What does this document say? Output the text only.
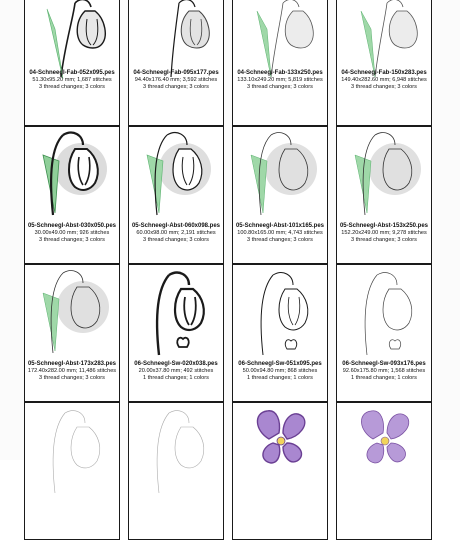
04-Schneegl-Fab-052x095.pes
51.30x95.20 mm; 1,687 stitches
3 thread changes; 3 colors
04-Schneegl-Fab-095x177.pes
94.40x176.40 mm; 3,592 stitches
3 thread changes; 3 colors
04-Schneegl-Fab-133x250.pes
133.10x249.20 mm; 5,819 stitches
3 thread changes; 3 colors
04-Schneegl-Fab-150x283.pes
149.40x282.60 mm; 6,948 stitches
3 thread changes; 3 colors
05-Schneegl-Abst-030x050.pes
30.00x49.00 mm; 926 stitches
3 thread changes; 3 colors
05-Schneegl-Abst-060x098.pes
60.00x98.00 mm; 2,191 stitches
3 thread changes; 3 colors
05-Schneegl-Abst-101x165.pes
100.80x165.00 mm; 4,743 stitches
3 thread changes; 3 colors
05-Schneegl-Abst-153x250.pes
152.20x249.00 mm; 9,278 stitches
3 thread changes; 3 colors
05-Schneegl-Abst-173x283.pes
172.40x282.00 mm; 11,486 stitches
3 thread changes; 3 colors
06-Schneegl-Sw-020x038.pes
20.00x37.80 mm; 492 stitches
1 thread changes; 1 colors
06-Schneegl-Sw-051x095.pes
50.00x94.80 mm; 868 stitches
1 thread changes; 1 colors
06-Schneegl-Sw-093x176.pes
92.60x175.80 mm; 1,568 stitches
1 thread changes; 1 colors
